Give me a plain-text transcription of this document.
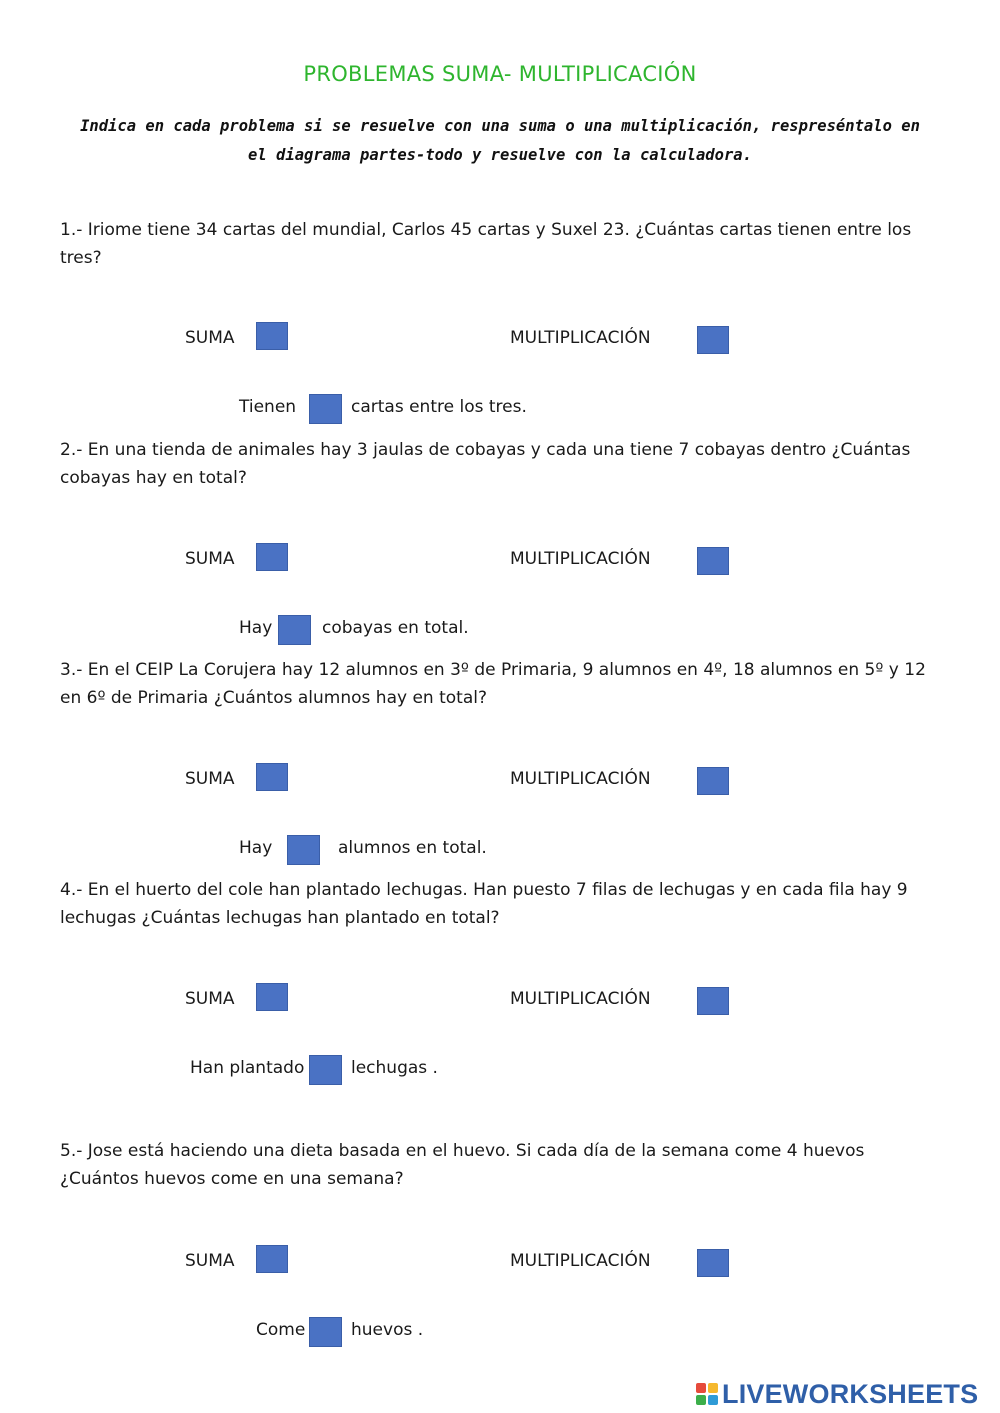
PROBLEMAS SUMA- MULTIPLICACIÓN
Indica en cada problema si se resuelve con una suma o una multiplicación, respreséntalo en el diagrama partes-todo y resuelve con la calculadora.
1.- Iriome tiene 34 cartas del mundial, Carlos 45 cartas y Suxel 23. ¿Cuántas cartas tienen entre los tres?
SUMA	MULTIPLICACIÓN
Tienen	cartas entre los tres.
2.- En una tienda de animales hay 3 jaulas de cobayas y cada una tiene 7 cobayas dentro ¿Cuántas cobayas hay en total?
SUMA	MULTIPLICACIÓN
Hay	cobayas en total.
3.- En el CEIP La Corujera hay 12 alumnos en 3º de Primaria, 9 alumnos en 4º, 18 alumnos en 5º y 12 en 6º de Primaria ¿Cuántos alumnos hay en total?
SUMA	MULTIPLICACIÓN
Hay	alumnos en total.
4.- En el huerto del cole han plantado lechugas. Han puesto 7 filas de lechugas y en cada fila hay 9 lechugas ¿Cuántas lechugas han plantado en total?
SUMA	MULTIPLICACIÓN
Han plantado	lechugas .
5.- Jose está haciendo una dieta basada en el huevo. Si cada día de la semana come 4 huevos ¿Cuántos huevos come en una semana?
SUMA	MULTIPLICACIÓN
Come	huevos .
LIVEWORKSHEETS
